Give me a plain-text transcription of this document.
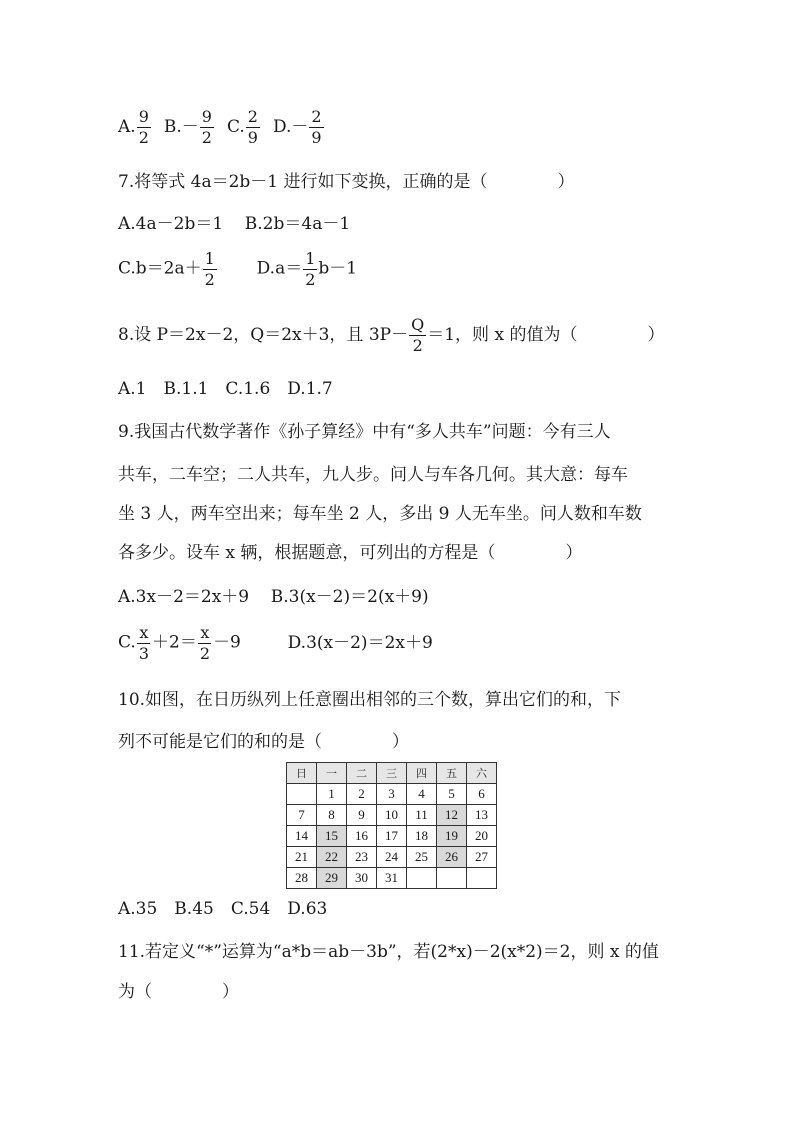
A. $\frac{9}{2} B.- \frac{9}{2} C$. $\frac{2}{9} D.- \frac{2}{9}$
7.将等式 4a＝2b－1 进行如下变换，正确的是（	）
A.4a－2b＝1 B.2b＝4a－1
$C.b=2a+ \frac{1}{2} D.a= \frac{1}{2} b-1$
8.设 P＝2x－2，Q＝2x＋3，且 $3P- \frac{Q}{2} =1$，则 x 的值为（	）
A.1　B.1.1　C.1.6　D.1.7
9.我国古代数学著作《孙子算经》中有“多人共车”问题：今有三人
共车，二车空；二人共车，九人步。问人与车各几何。其大意：每车
坐 3 人，两车空出来；每车坐 2 人，多出 9 人无车坐。问人数和车数
各多少。设车 x 辆，根据题意，可列出的方程是（	）
A.3x－2＝2x＋9 B.3(x－2)＝2(x＋9)
C. $\frac{x}{3} +2= \frac{x}{2} -9$	D.3(x－2)＝2x＋9
10.如图，在日历纵列上任意圈出相邻的三个数，算出它们的和，下
列不可能是它们的和的是（	）
日	一	二	三	四	五	六
	1	2	3	4	5	6
7	8	9	10	11	12	13
14	15	16	17	18	19	20
21	22	23	24	25	26	27
28	29	30	31			
A.35　B.45　C.54　D.63
11.若定义“*”运算为“a*b＝ab－3b”，若(2*x)－2(x*2)＝2，则 x 的值
为（	）
